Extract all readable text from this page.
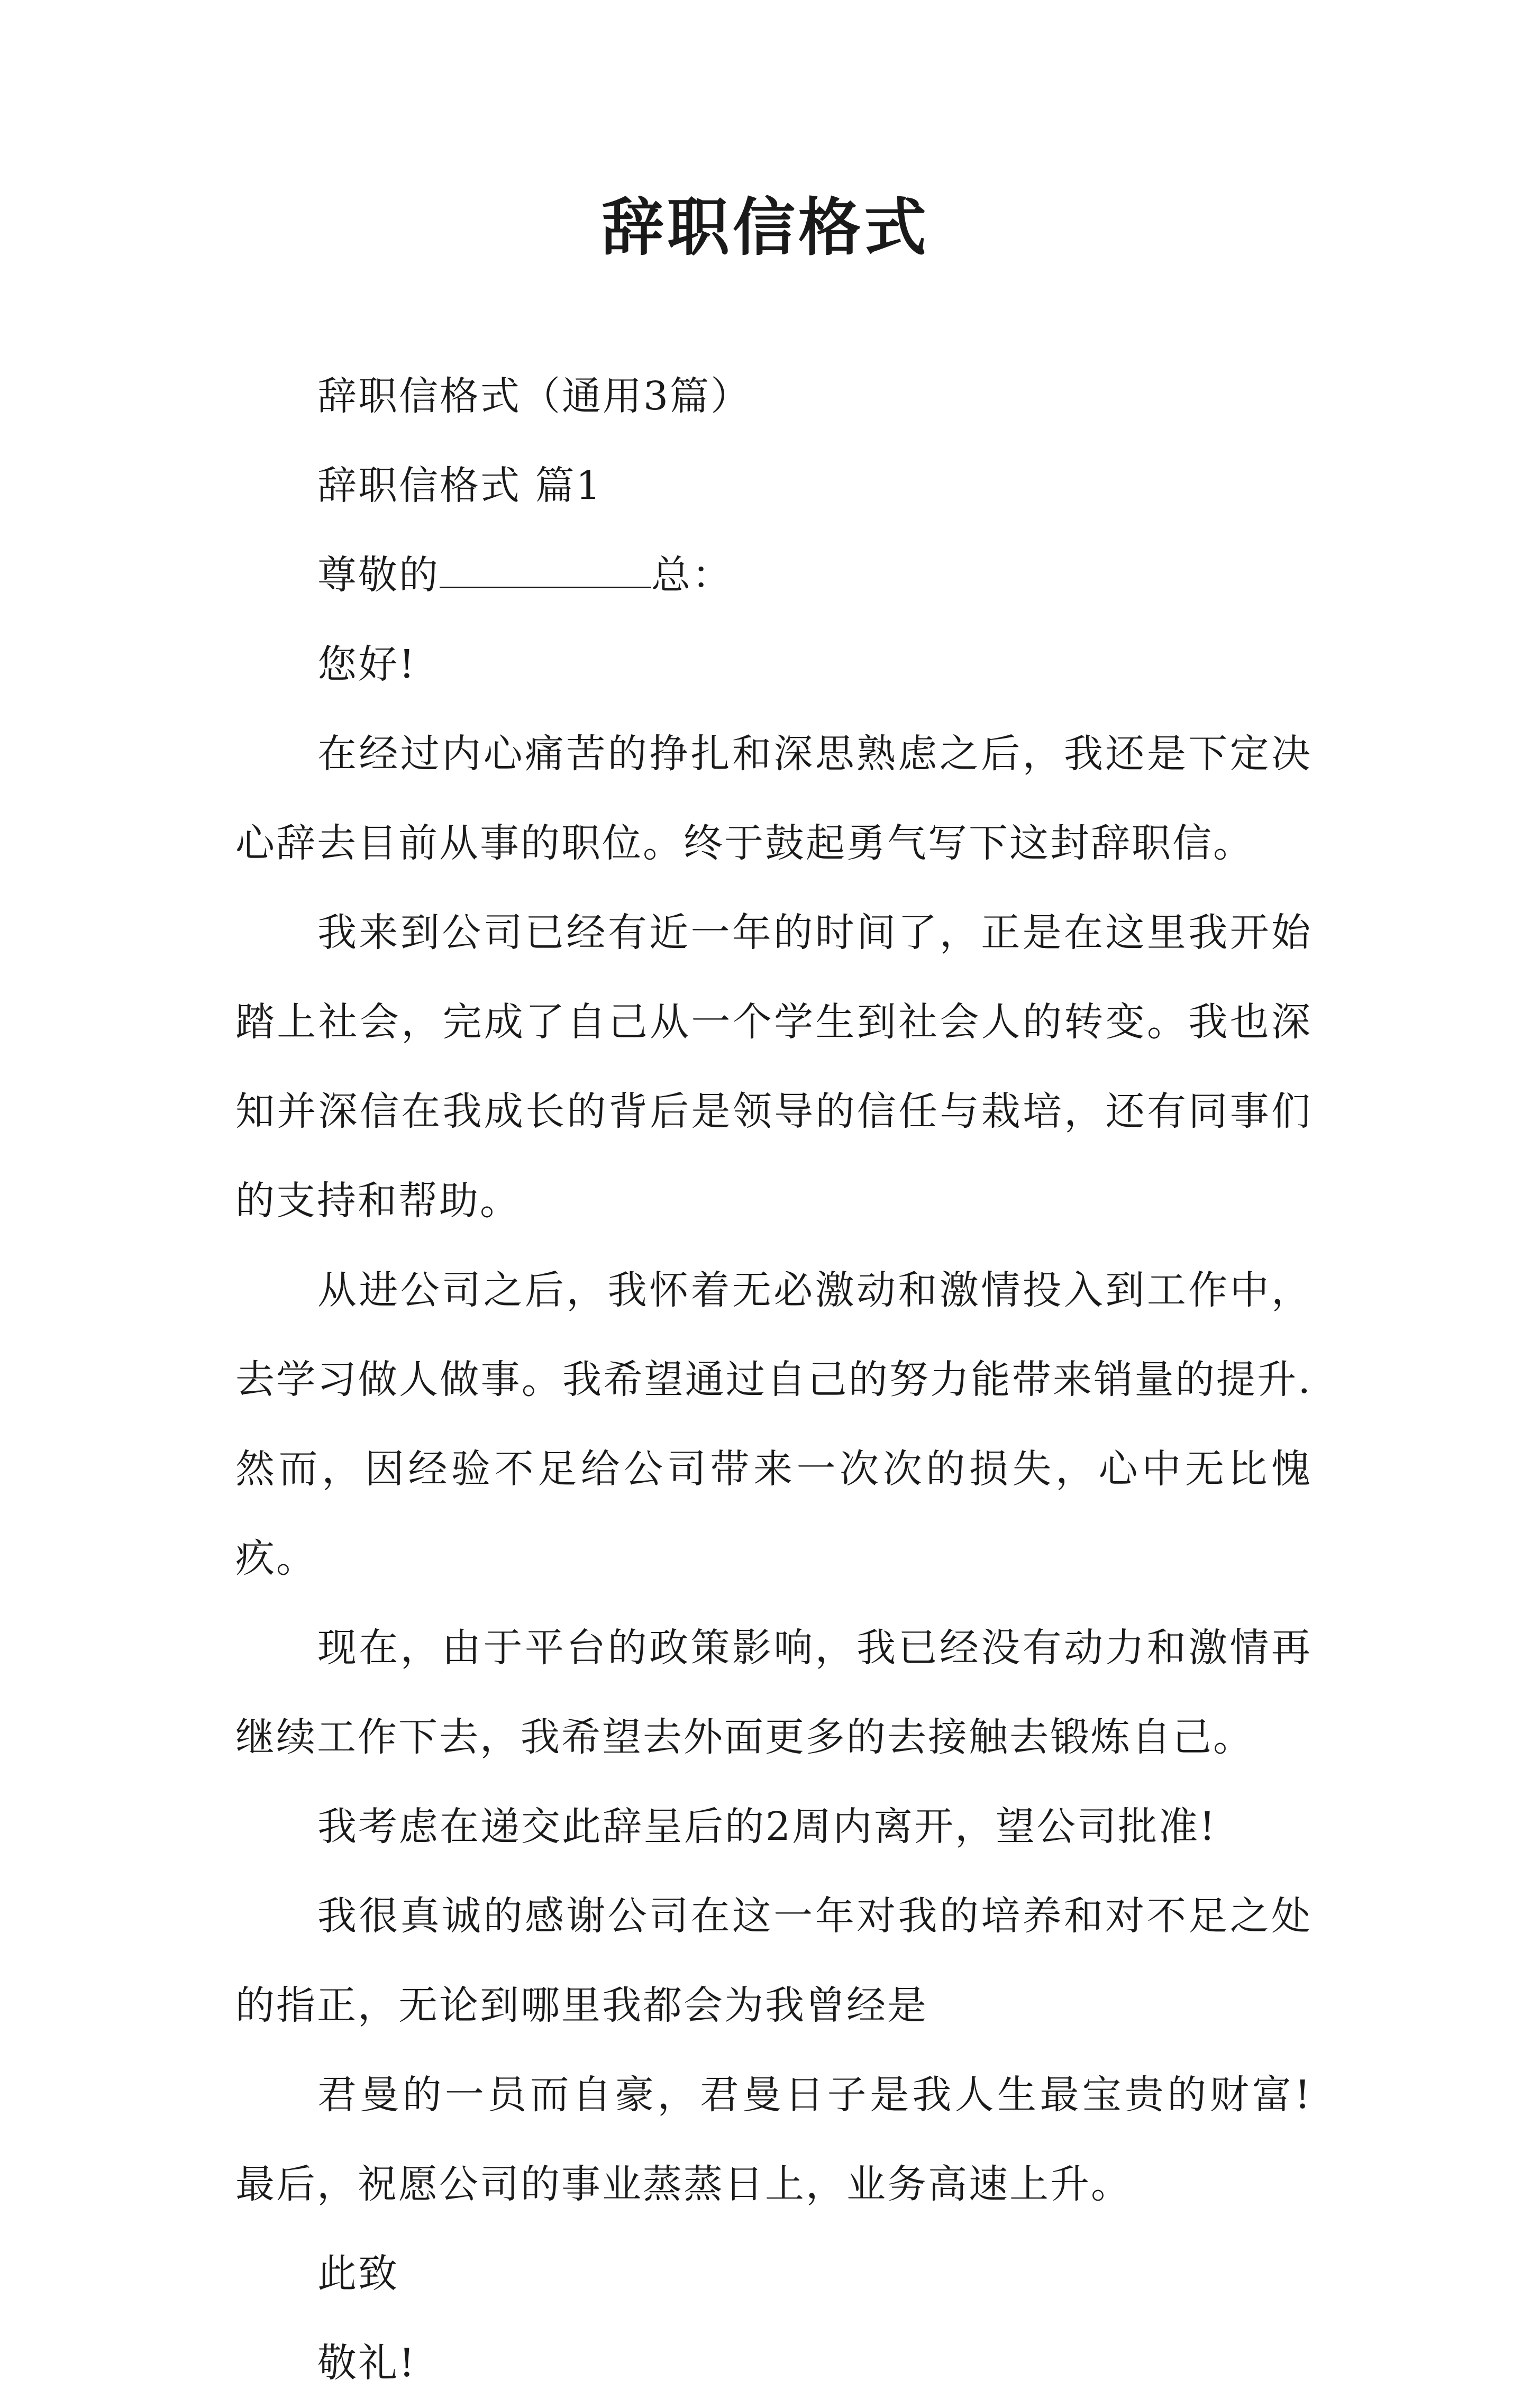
辞职信格式

辞职信格式（通用3篇）

辞职信格式 篇1

尊敬的	总：

您好!

在经过内心痛苦的挣扎和深思熟虑之后，我还是下定决心辞去目前从事的职位。终于鼓起勇气写下这封辞职信。

我来到公司已经有近一年的时间了，正是在这里我开始踏上社会，完成了自己从一个学生到社会人的转变。我也深知并深信在我成长的背后是领导的信任与栽培，还有同事们的支持和帮助。

从进公司之后，我怀着无必激动和激情投入到工作中，去学习做人做事。我希望通过自己的努力能带来销量的提升.然而，因经验不足给公司带来一次次的损失，心中无比愧疚。

现在，由于平台的政策影响，我已经没有动力和激情再继续工作下去，我希望去外面更多的去接触去锻炼自己。

我考虑在递交此辞呈后的2周内离开，望公司批准!

我很真诚的感谢公司在这一年对我的培养和对不足之处的指正，无论到哪里我都会为我曾经是

君曼的一员而自豪，君曼日子是我人生最宝贵的财富!最后，祝愿公司的事业蒸蒸日上，业务高速上升。

此致

敬礼!
